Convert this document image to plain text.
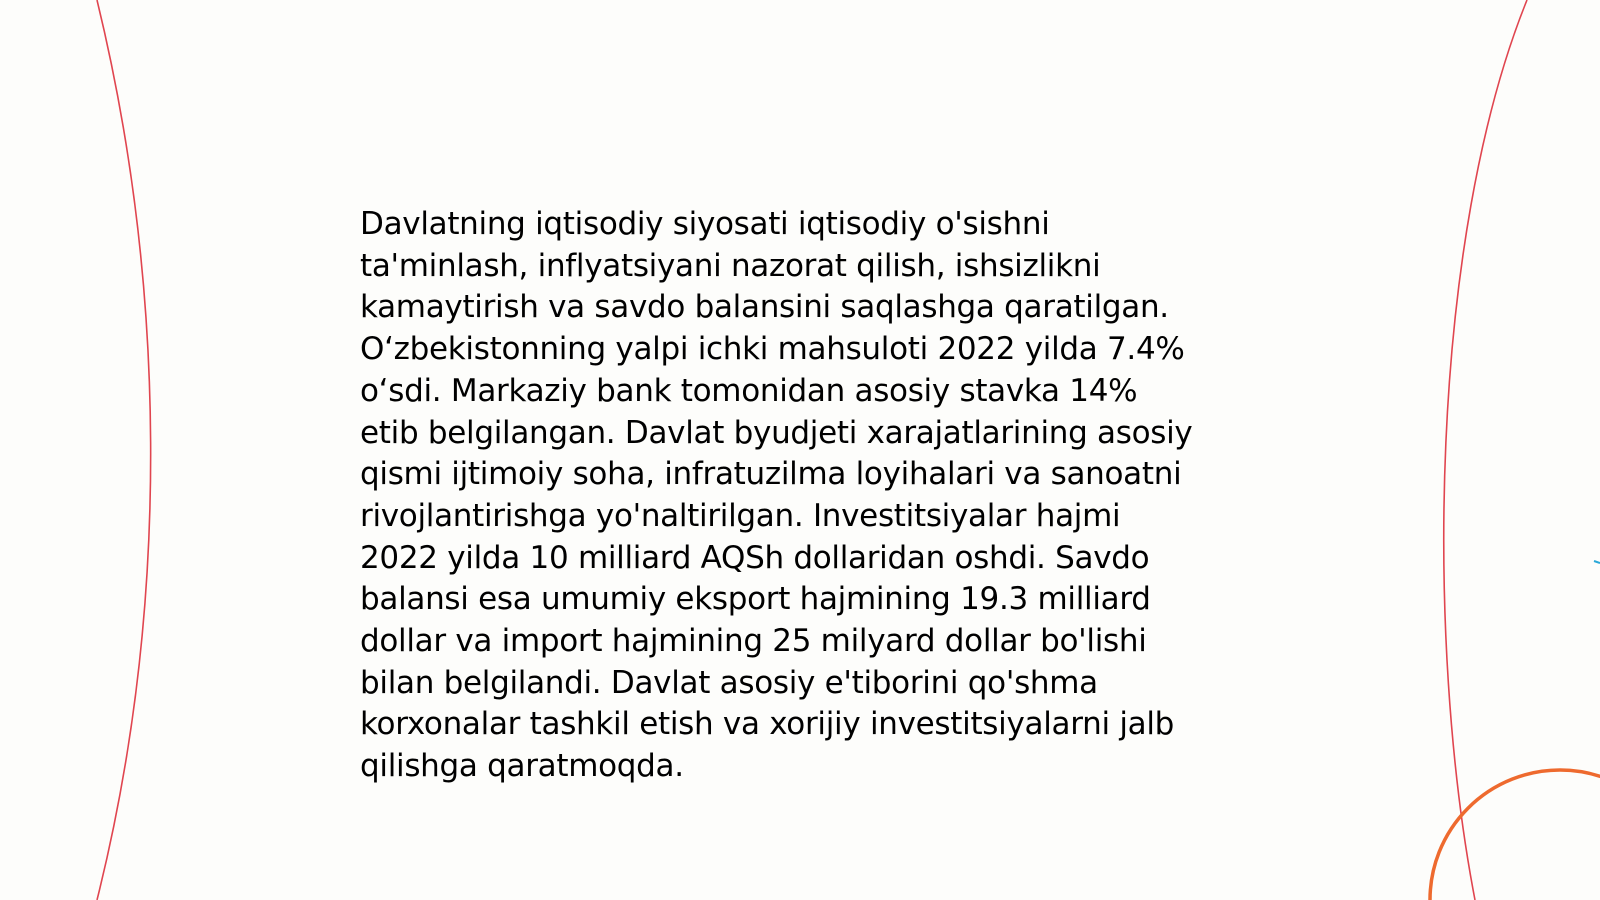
Davlatning iqtisodiy siyosati iqtisodiy o'sishni
ta'minlash, inflyatsiyani nazorat qilish, ishsizlikni
kamaytirish va savdo balansini saqlashga qaratilgan.
O‘zbekistonning yalpi ichki mahsuloti 2022 yilda 7.4%
o‘sdi. Markaziy bank tomonidan asosiy stavka 14%
etib belgilangan. Davlat byudjeti xarajatlarining asosiy
qismi ijtimoiy soha, infratuzilma loyihalari va sanoatni
rivojlantirishga yo'naltirilgan. Investitsiyalar hajmi
2022 yilda 10 milliard AQSh dollaridan oshdi. Savdo
balansi esa umumiy eksport hajmining 19.3 milliard
dollar va import hajmining 25 milyard dollar bo'lishi
bilan belgilandi. Davlat asosiy e'tiborini qo'shma
korxonalar tashkil etish va xorijiy investitsiyalarni jalb
qilishga qaratmoqda.
